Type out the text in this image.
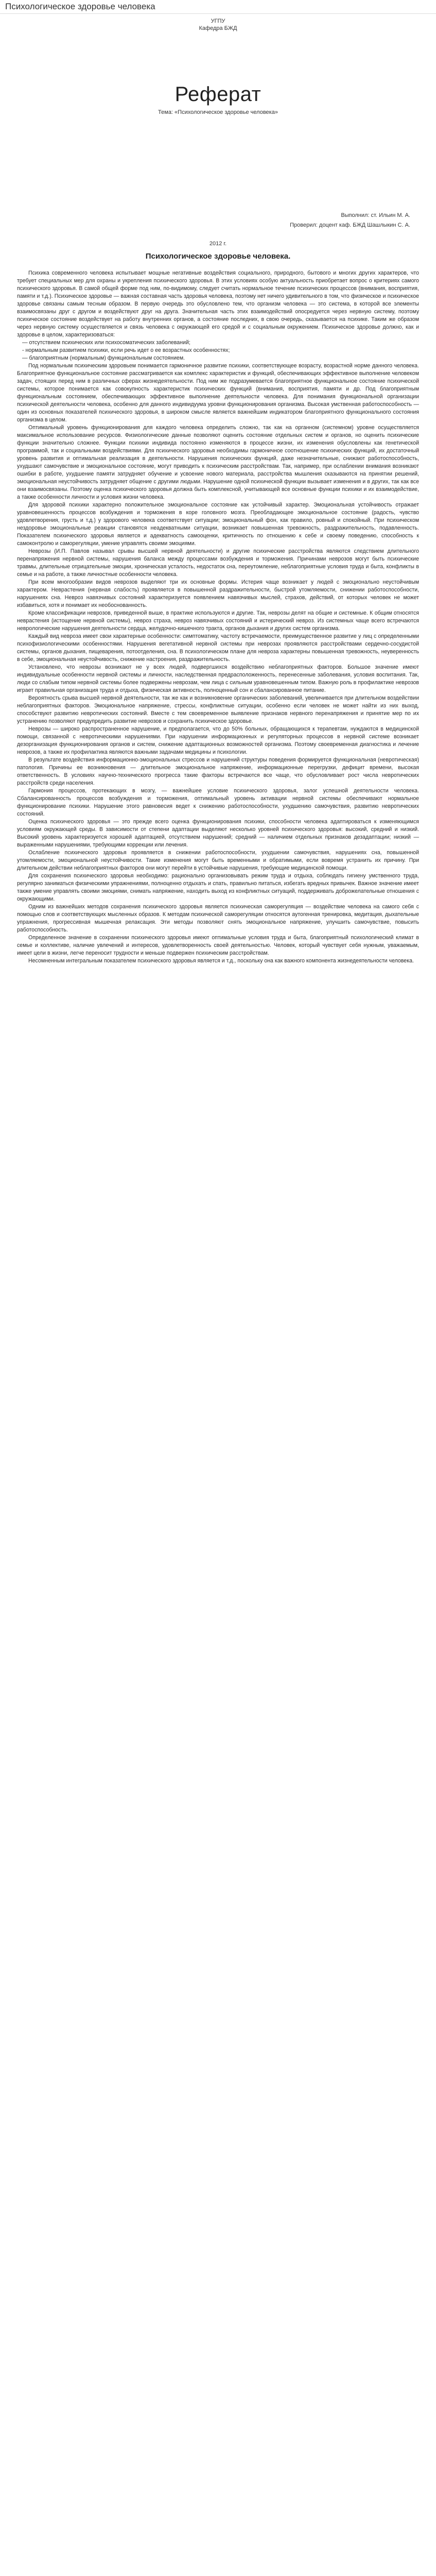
Психологическое здоровье человека
УГПУ
Кафедра БЖД
Реферат
Тема: «Психологическое здоровье человека»
Выполнил: ст. Ильин М. А.
Проверил: доцент каф. БЖД Шашлыкин С. А.
2012 г.
Психологическое здоровье человека.

Психика современного человека испытывает мощные негативные воздействия социального, природного, бытового и многих других характеров, что требует специальных мер для охраны и укрепления психического здоровья. В этих условиях особую актуальность приобретает вопрос о критериях самого психического здоровья. В самой общей форме под ним, по-видимому, следует считать нормальное течение психических процессов (внимания, восприятия, памяти и т.д.). Психическое здоровье — важная составная часть здоровья человека, поэтому нет ничего удивительного в том, что физическое и психическое здоровье связаны самым тесным образом. В первую очередь это обусловлено тем, что организм человека — это система, в которой все элементы взаимосвязаны друг с другом и воздействуют друг на друга. Значительная часть этих взаимодействий опосредуется через нервную систему, поэтому психическое состояние воздействует на работу внутренних органов, а состояние последних, в свою очередь, сказывается на психике. Таким же образом через нервную систему осуществляется и связь человека с окружающей его средой и с социальным окружением. Психическое здоровье должно, как и здоровье в целом, характеризоваться:

— отсутствием психических или психосоматических заболеваний;

- нормальным развитием психики, если речь идет о ее возрастных особенностях;

— благоприятным (нормальным) функциональным состоянием.

Под нормальным психическим здоровьем понимается гармоничное развитие психики, соответствующее возрасту, возрастной норме данного человека. Благоприятное функциональное состояние рассматривается как комплекс характеристик и функций, обеспечивающих эффективное выполнение человеком задач, стоящих перед ним в различных сферах жизнедеятельности. Под ним же подразумевается благоприятное функциональное состояние психической системы, которое понимается как совокупность характеристик психических функций (внимания, восприятия, памяти и др. Под благоприятным функциональным состоянием, обеспечивающих эффективное выполнение деятельности человека. Для понимания функциональной организации психической деятельности человека, особенно для данного индивидуума уровни функционирования организма. Высокая умственная работоспособность — один из основных показателей психического здоровья, в широком смысле является важнейшим индикатором благоприятного функционального состояния организма в целом.

Оптимальный уровень функционирования для каждого человека определить сложно, так как на органном (системном) уровне осуществляется максимальное использование ресурсов. Физиологические данные позволяют оценить состояние отдельных систем и органов, но оценить психические функции значительно сложнее. Функции психики индивида постоянно изменяются в процессе жизни, их изменения обусловлены как генетической программой, так и социальными воздействиями. Для психического здоровья необходимы гармоничное соотношение психических функций, их достаточный уровень развития и оптимальная реализация в деятельности. Нарушения психических функций, даже незначительные, снижают работоспособность, ухудшают самочувствие и эмоциональное состояние, могут приводить к психическим расстройствам. Так, например, при ослаблении внимания возникают ошибки в работе, ухудшение памяти затрудняет обучение и усвоение нового материала, расстройства мышления сказываются на принятии решений, эмоциональная неустойчивость затрудняет общение с другими людьми. Нарушение одной психической функции вызывает изменения и в других, так как все они взаимосвязаны. Поэтому оценка психического здоровья должна быть комплексной, учитывающей все основные функции психики и их взаимодействие, а также особенности личности и условия жизни человека.

Для здоровой психики характерно положительное эмоциональное состояние как устойчивый характер. Эмоциональная устойчивость отражает уравновешенность процессов возбуждения и торможения в коре головного мозга. Преобладающее эмоциональное состояние (радость, чувство удовлетворения, грусть и т.д.) у здорового человека соответствует ситуации; эмоциональный фон, как правило, ровный и спокойный. При психическом нездоровье эмоциональные реакции становятся неадекватными ситуации, возникает повышенная тревожность, раздражительность, подавленность. Показателем психического здоровья является и адекватность самооценки, критичность по отношению к себе и своему поведению, способность к самоконтролю и саморегуляции, умение управлять своими эмоциями.

Неврозы (И.П. Павлов называл срывы высшей нервной деятельности) и другие психические расстройства являются следствием длительного перенапряжения нервной системы, нарушения баланса между процессами возбуждения и торможения. Причинами неврозов могут быть психические травмы, длительные отрицательные эмоции, хроническая усталость, недостаток сна, переутомление, неблагоприятные условия труда и быта, конфликты в семье и на работе, а также личностные особенности человека.

При всем многообразии видов неврозов выделяют три их основные формы. Истерия чаще возникает у людей с эмоционально неустойчивым характером. Неврастения (нервная слабость) проявляется в повышенной раздражительности, быстрой утомляемости, снижении работоспособности, нарушениях сна. Невроз навязчивых состояний характеризуется появлением навязчивых мыслей, страхов, действий, от которых человек не может избавиться, хотя и понимает их необоснованность.

Кроме классификации неврозов, приведенной выше, в практике используются и другие. Так, неврозы делят на общие и системные. К общим относятся неврастения (истощение нервной системы), невроз страха, невроз навязчивых состояний и истерический невроз. Из системных чаще всего встречаются неврологические нарушения деятельности сердца, желудочно-кишечного тракта, органов дыхания и других систем организма.

Каждый вид невроза имеет свои характерные особенности: симптоматику, частоту встречаемости, преимущественное развитие у лиц с определенными психофизиологическими особенностями. Нарушения вегетативной нервной системы при неврозах проявляются расстройствами сердечно-сосудистой системы, органов дыхания, пищеварения, потоотделения, сна. В психологическом плане для невроза характерны повышенная тревожность, неуверенность в себе, эмоциональная неустойчивость, снижение настроения, раздражительность.

Установлено, что неврозы возникают не у всех людей, подвергшихся воздействию неблагоприятных факторов. Большое значение имеют индивидуальные особенности нервной системы и личности, наследственная предрасположенность, перенесенные заболевания, условия воспитания. Так, люди со слабым типом нервной системы более подвержены неврозам, чем лица с сильным уравновешенным типом. Важную роль в профилактике неврозов играет правильная организация труда и отдыха, физическая активность, полноценный сон и сбалансированное питание.

Вероятность срыва высшей нервной деятельности, так же как и возникновение органических заболеваний, увеличивается при длительном воздействии неблагоприятных факторов. Эмоциональное напряжение, стрессы, конфликтные ситуации, особенно если человек не может найти из них выход, способствуют развитию невротических состояний. Вместе с тем своевременное выявление признаков нервного перенапряжения и принятие мер по их устранению позволяют предупредить развитие неврозов и сохранить психическое здоровье.

Неврозы — широко распространенное нарушение, и предполагается, что до 50% больных, обращающихся к терапевтам, нуждаются в медицинской помощи, связанной с невротическими нарушениями. При нарушении информационных и регуляторных процессов в нервной системе возникает дезорганизация функционирования органов и систем, снижение адаптационных возможностей организма. Поэтому своевременная диагностика и лечение неврозов, а также их профилактика являются важными задачами медицины и психологии.

В результате воздействия информационно-эмоциональных стрессов и нарушений структуры поведения формируется функциональная (невротическая) патология. Причины ее возникновения — длительное эмоциональное напряжение, информационные перегрузки, дефицит времени, высокая ответственность. В условиях научно-технического прогресса такие факторы встречаются все чаще, что обусловливает рост числа невротических расстройств среди населения.

Гармония процессов, протекающих в мозгу, — важнейшее условие психического здоровья, залог успешной деятельности человека. Сбалансированность процессов возбуждения и торможения, оптимальный уровень активации нервной системы обеспечивают нормальное функционирование психики. Нарушение этого равновесия ведет к снижению работоспособности, ухудшению самочувствия, развитию невротических состояний.

Оценка психического здоровья — это прежде всего оценка функционирования психики, способности человека адаптироваться к изменяющимся условиям окружающей среды. В зависимости от степени адаптации выделяют несколько уровней психического здоровья: высокий, средний и низкий. Высокий уровень характеризуется хорошей адаптацией, отсутствием нарушений; средний — наличием отдельных признаков дезадаптации; низкий — выраженными нарушениями, требующими коррекции или лечения.

Ослабление психического здоровья проявляется в снижении работоспособности, ухудшении самочувствия, нарушениях сна, повышенной утомляемости, эмоциональной неустойчивости. Такие изменения могут быть временными и обратимыми, если вовремя устранить их причину. При длительном действии неблагоприятных факторов они могут перейти в устойчивые нарушения, требующие медицинской помощи.

Для сохранения психического здоровья необходимо: рационально организовывать режим труда и отдыха, соблюдать гигиену умственного труда, регулярно заниматься физическими упражнениями, полноценно отдыхать и спать, правильно питаться, избегать вредных привычек. Важное значение имеет также умение управлять своими эмоциями, снимать напряжение, находить выход из конфликтных ситуаций, поддерживать доброжелательные отношения с окружающими.

Одним из важнейших методов сохранения психического здоровья является психическая саморегуляция — воздействие человека на самого себя с помощью слов и соответствующих мысленных образов. К методам психической саморегуляции относятся аутогенная тренировка, медитация, дыхательные упражнения, прогрессивная мышечная релаксация. Эти методы позволяют снять эмоциональное напряжение, улучшить самочувствие, повысить работоспособность.

Определенное значение в сохранении психического здоровья имеют оптимальные условия труда и быта, благоприятный психологический климат в семье и коллективе, наличие увлечений и интересов, удовлетворенность своей деятельностью. Человек, который чувствует себя нужным, уважаемым, имеет цели в жизни, легче переносит трудности и меньше подвержен психическим расстройствам.

Несомненным интегральным показателем психического здоровья является и т.д., поскольку она как важного компонента жизнедеятельности человека.
